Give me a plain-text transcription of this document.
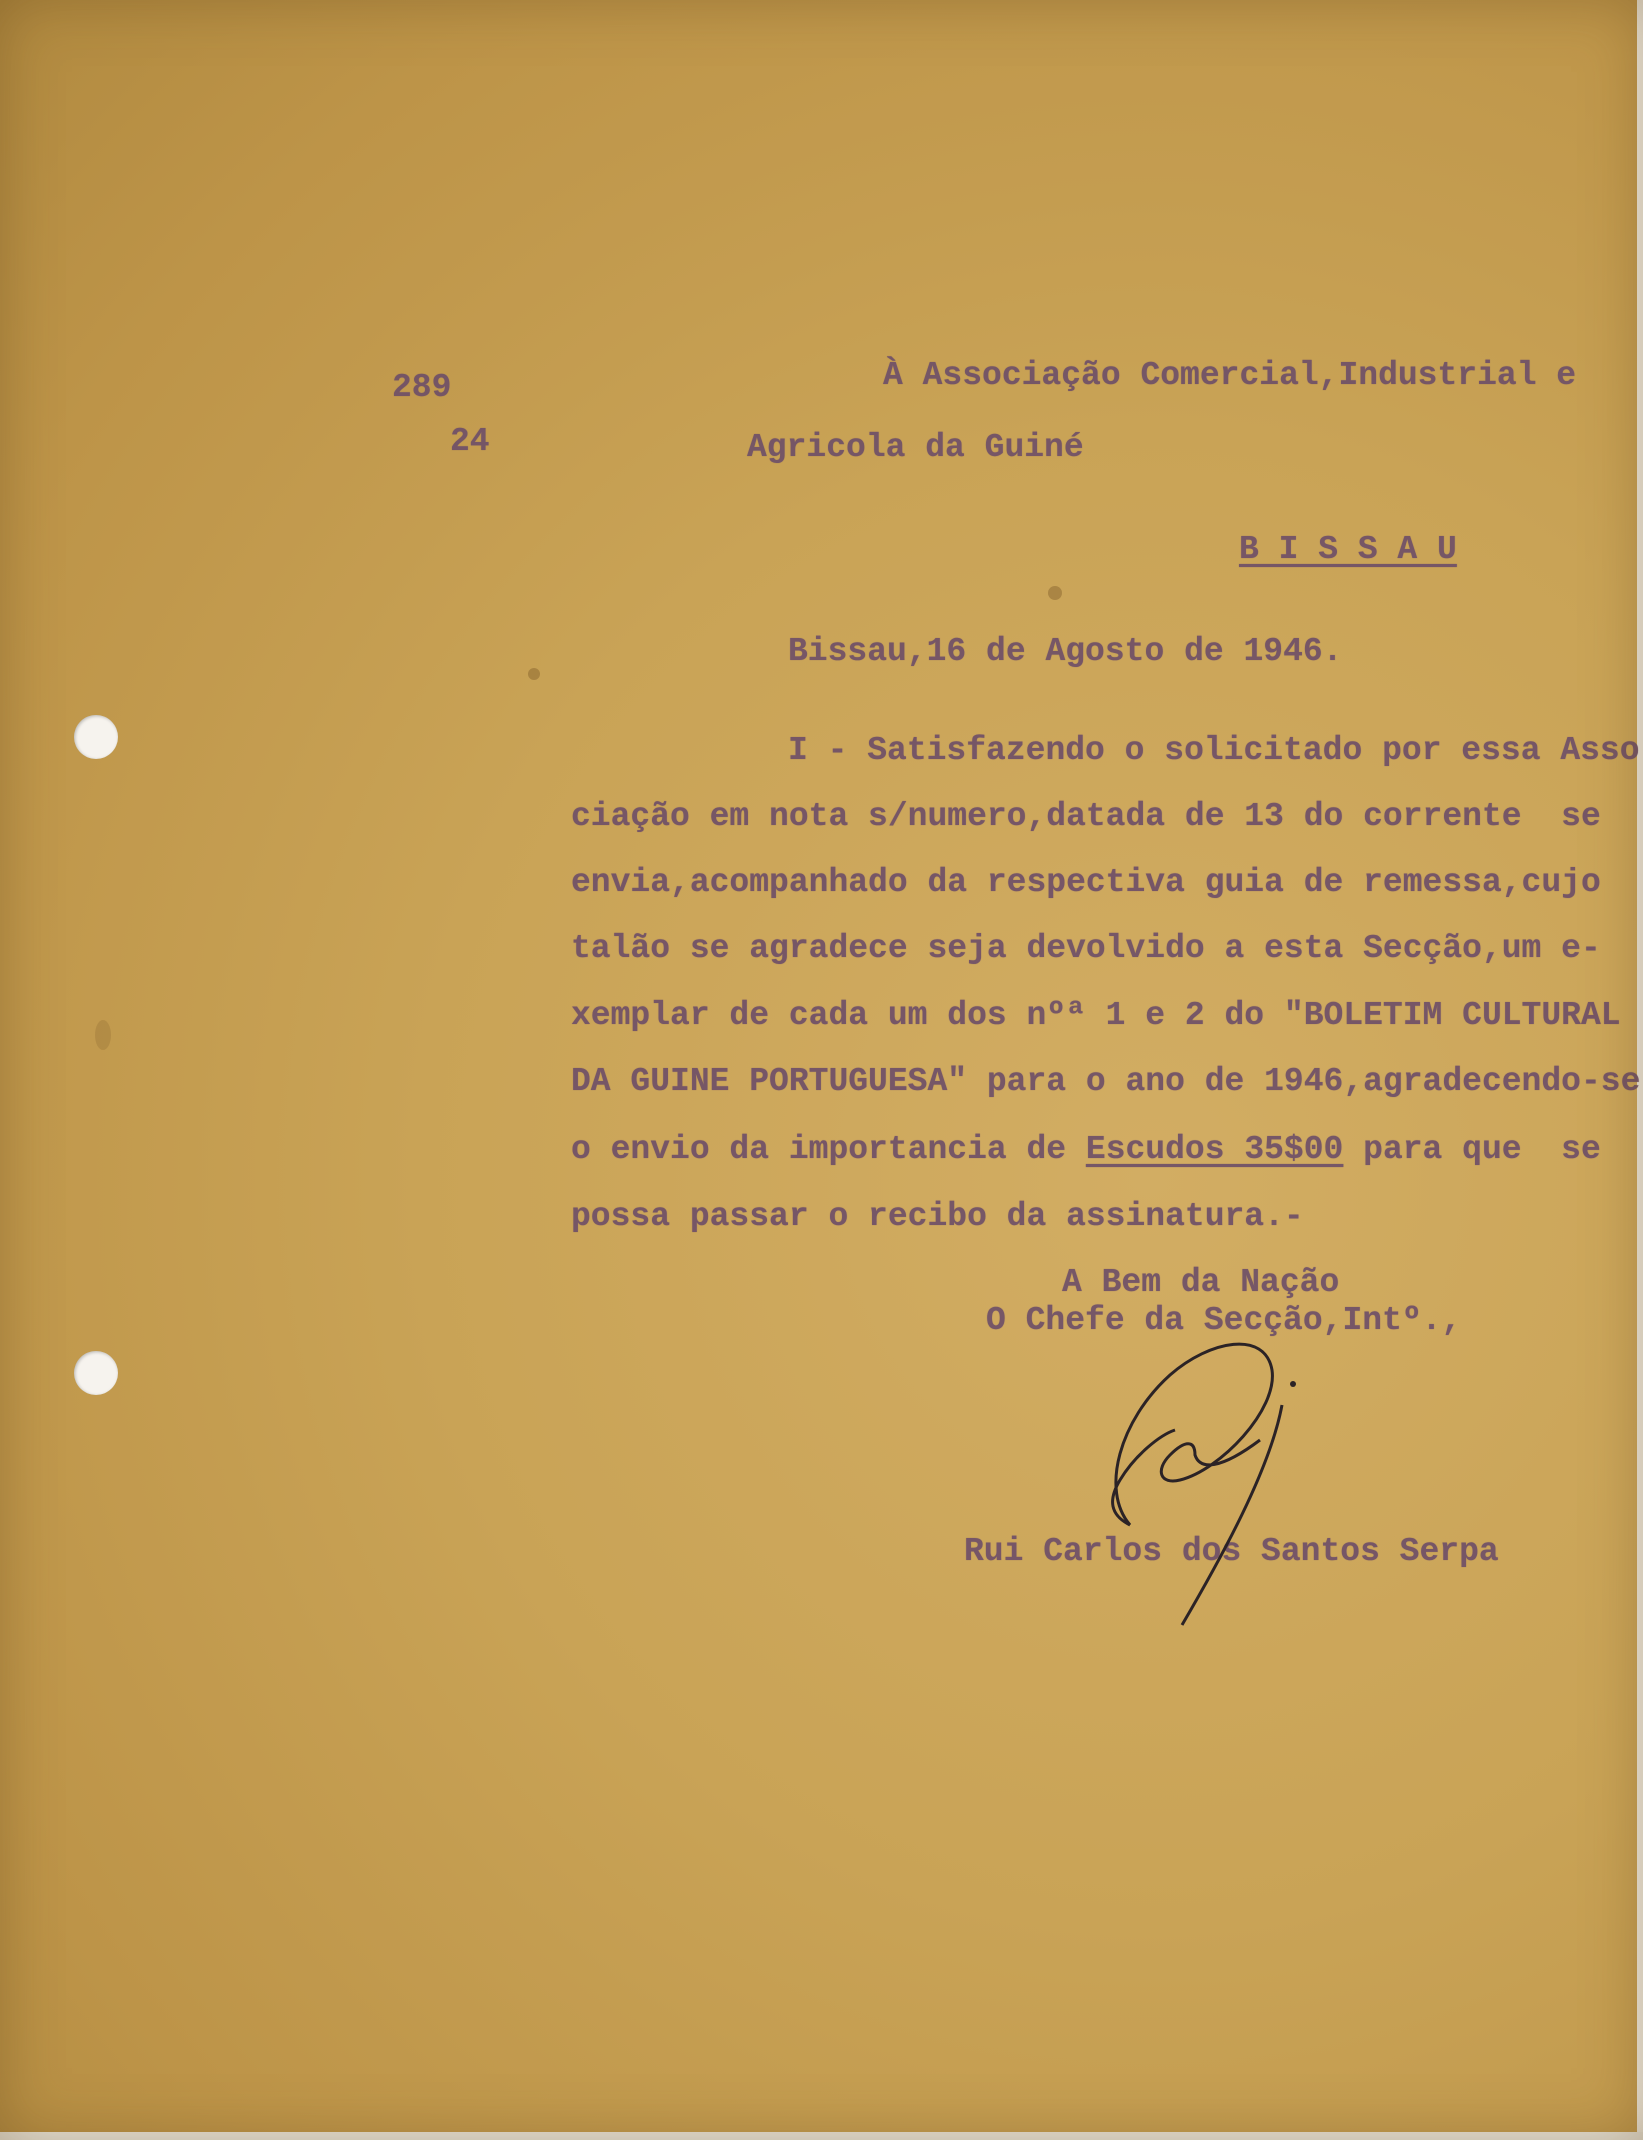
289
24
À Associação Comercial,Industrial e
Agricola da Guiné
B I S S A U
Bissau,16 de Agosto de 1946.
I - Satisfazendo o solicitado por essa Asso
ciação em nota s/numero,datada de 13 do corrente  se
envia,acompanhado da respectiva guia de remessa,cujo
talão se agradece seja devolvido a esta Secção,um e-
xemplar de cada um dos nºª 1 e 2 do "BOLETIM CULTURAL
DA GUINE PORTUGUESA" para o ano de 1946,agradecendo-se
o envio da importancia de Escudos 35$00 para que  se
possa passar o recibo da assinatura.-
A Bem da Nação
O Chefe da Secção,Intº.,
Rui Carlos dos Santos Serpa
